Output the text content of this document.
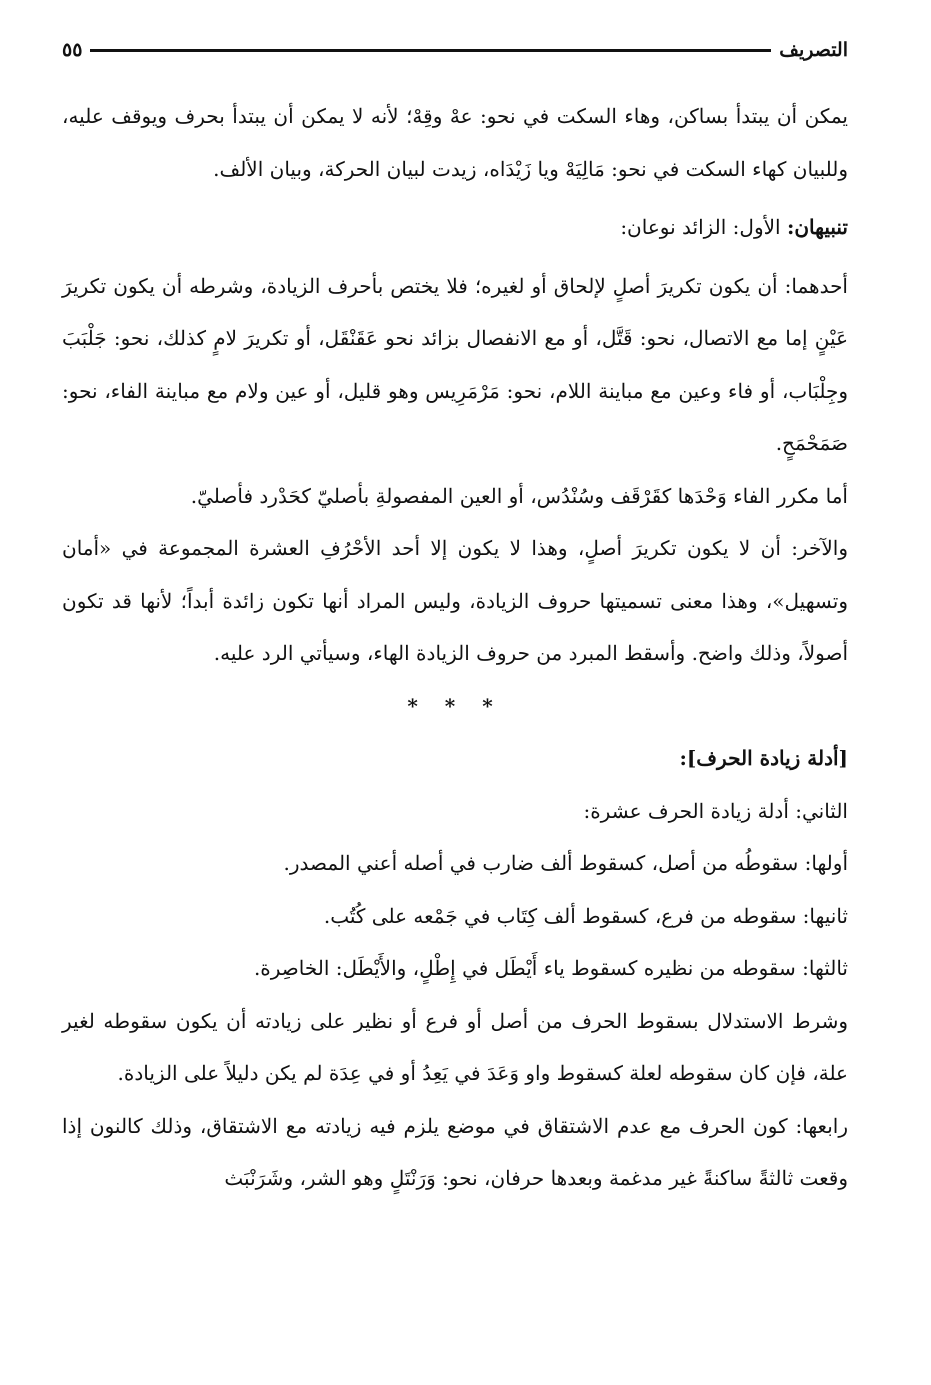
التصريف
٥٥

يمكن أن يبتدأ بساكن، وهاء السكت في نحو: عهْ وقِهْ؛ لأنه لا يمكن أن يبتدأ بحرف ويوقف عليه، وللبيان كهاء السكت في نحو: مَالِيَهْ ويا زَيْدَاه، زيدت لبيان الحركة، وبيان الألف.

تنبيهان: الأول: الزائد نوعان:

أحدهما: أن يكون تكريرَ أصلٍ لإلحاق أو لغيره؛ فلا يختص بأحرف الزيادة، وشرطه أن يكون تكريرَ عَيْنٍ إما مع الاتصال، نحو: قَتَّل، أو مع الانفصال بزائد نحو عَقَنْقَل، أو تكريرَ لامٍ كذلك، نحو: جَلْبَبَ وجِلْبَاب، أو فاء وعين مع مباينة اللام، نحو: مَرْمَرِيس وهو قليل، أو عين ولام مع مباينة الفاء، نحو: صَمَحْمَحٍ.

أما مكرر الفاء وَحْدَها كقَرْقَف وسُنْدُس، أو العين المفصولةِ بأصليّ كحَدْرد فأصليّ.

والآخر: أن لا يكون تكريرَ أصلٍ، وهذا لا يكون إلا أحد الأحْرُفِ العشرة المجموعة في «أمان وتسهيل»، وهذا معنى تسميتها حروف الزيادة، وليس المراد أنها تكون زائدة أبداً؛ لأنها قد تكون أصولاً، وذلك واضح. وأسقط المبرد من حروف الزيادة الهاء، وسيأتي الرد عليه.

* * *

[أدلة زيادة الحرف]:

الثاني: أدلة زيادة الحرف عشرة:

أولها: سقوطُه من أصل، كسقوط ألف ضارب في أصله أعني المصدر.

ثانيها: سقوطه من فرع، كسقوط ألف كِتَاب في جَمْعه على كُتُب.

ثالثها: سقوطه من نظيره كسقوط ياء أَيْطَل في إِطْلٍ، والأَيْطَل: الخاصِرة.

وشرط الاستدلال بسقوط الحرف من أصل أو فرع أو نظير على زيادته أن يكون سقوطه لغير علة، فإن كان سقوطه لعلة كسقوط واو وَعَدَ في يَعِدُ أو في عِدَة لم يكن دليلاً على الزيادة.

رابعها: كون الحرف مع عدم الاشتقاق في موضع يلزم فيه زيادته مع الاشتقاق، وذلك كالنون إذا وقعت ثالثةً ساكنةً غير مدغمة وبعدها حرفان، نحو: وَرَنْتَلٍ وهو الشر، وشَرَنْبَث
